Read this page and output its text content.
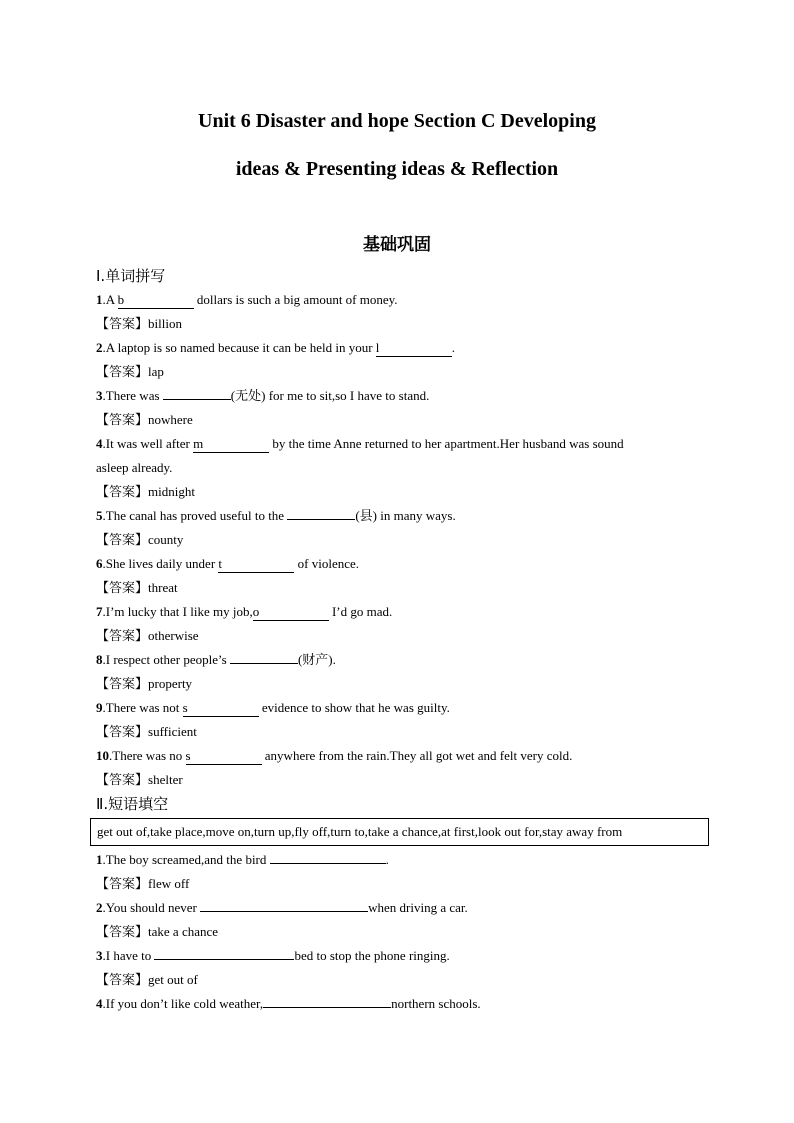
Unit 6 Disaster and hope Section C Developing
ideas & Presenting ideas & Reflection
基础巩固
Ⅰ.单词拼写
1.A b	dollars is such a big amount of money.
【答案】billion
2.A laptop is so named because it can be held in your l	.
【答案】lap
3.There was	(无处) for me to sit,so I have to stand.
【答案】nowhere
4.It was well after m	by the time Anne returned to her apartment.Her husband was sound
asleep already.
【答案】midnight
5.The canal has proved useful to the	(县) in many ways.
【答案】county
6.She lives daily under t	of violence.
【答案】threat
7.I’m lucky that I like my job,o	I’d go mad.
【答案】otherwise
8.I respect other people’s	(财产).
【答案】property
9.There was not s	evidence to show that he was guilty.
【答案】sufficient
10.There was no s	anywhere from the rain.They all got wet and felt very cold.
【答案】shelter
Ⅱ.短语填空
get out of,take place,move on,turn up,fly off,turn to,take a chance,at first,look out for,stay away from
1.The boy screamed,and the bird	.
【答案】flew off
2.You should never	when driving a car.
【答案】take a chance
3.I have to	bed to stop the phone ringing.
【答案】get out of
4.If you don’t like cold weather,	northern schools.
